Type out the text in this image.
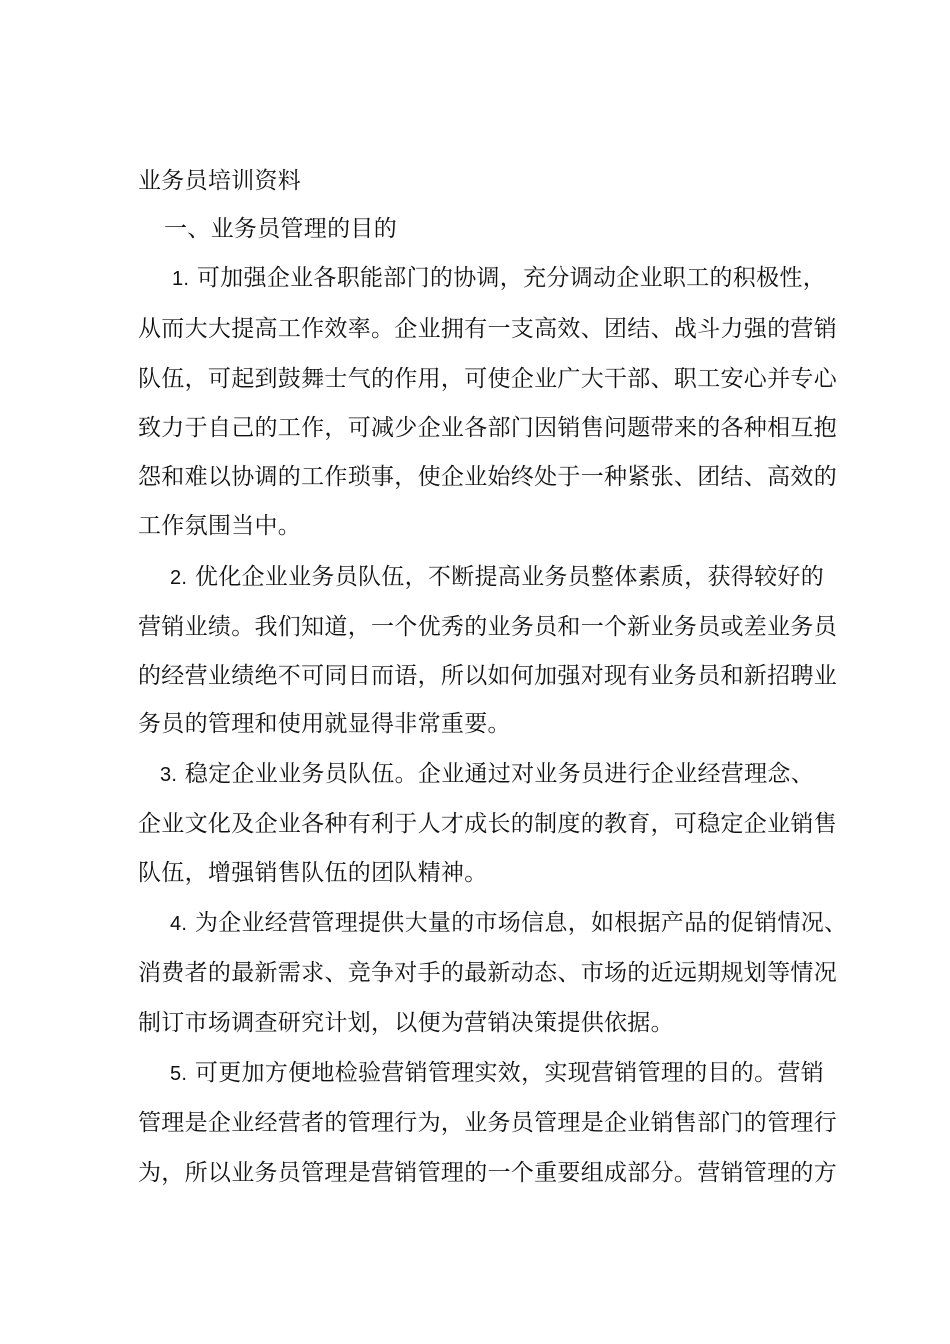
业务员培训资料
一、业务员管理的目的
1. 可加强企业各职能部门的协调，充分调动企业职工的积极性，
从而大大提高工作效率。企业拥有一支高效、团结、战斗力强的营销
队伍，可起到鼓舞士气的作用，可使企业广大干部、职工安心并专心
致力于自己的工作，可减少企业各部门因销售问题带来的各种相互抱
怨和难以协调的工作琐事，使企业始终处于一种紧张、团结、高效的
工作氛围当中。
2. 优化企业业务员队伍，不断提高业务员整体素质，获得较好的
营销业绩。我们知道，一个优秀的业务员和一个新业务员或差业务员
的经营业绩绝不可同日而语，所以如何加强对现有业务员和新招聘业
务员的管理和使用就显得非常重要。
3. 稳定企业业务员队伍。企业通过对业务员进行企业经营理念、
企业文化及企业各种有利于人才成长的制度的教育，可稳定企业销售
队伍，增强销售队伍的团队精神。
4. 为企业经营管理提供大量的市场信息，如根据产品的促销情况、
消费者的最新需求、竞争对手的最新动态、市场的近远期规划等情况
制订市场调查研究计划，以便为营销决策提供依据。
5. 可更加方便地检验营销管理实效，实现营销管理的目的。营销
管理是企业经营者的管理行为，业务员管理是企业销售部门的管理行
为，所以业务员管理是营销管理的一个重要组成部分。营销管理的方
